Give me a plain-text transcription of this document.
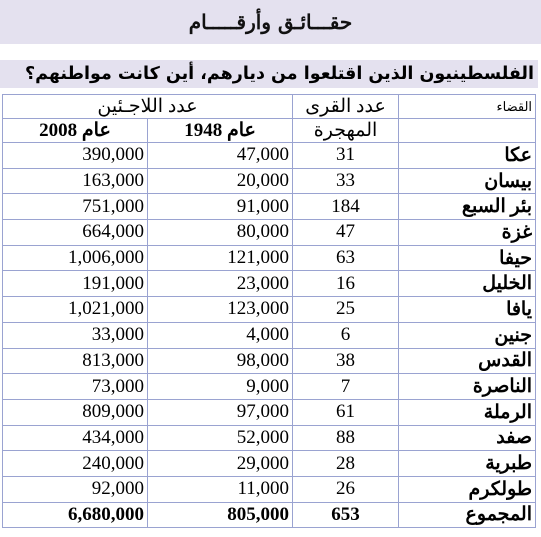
حقـــائـق وأرقـــــام
الفلسطينيون الذين اقتلعوا من ديارهم، أين كانت مواطنهم؟
عدد اللاجـئين		عدد القرى	القضاء
عام 2008	عام 1948	المهجرة	
390,000	47,000	31	عكا
163,000	20,000	33	بيسان
751,000	91,000	184	بئر السبع
664,000	80,000	47	غزة
1,006,000	121,000	63	حيفا
191,000	23,000	16	الخليل
1,021,000	123,000	25	يافا
33,000	4,000	6	جنين
813,000	98,000	38	القدس
73,000	9,000	7	الناصرة
809,000	97,000	61	الرملة
434,000	52,000	88	صفد
240,000	29,000	28	طبرية
92,000	11,000	26	طولكرم
6,680,000	805,000	653	المجموع
